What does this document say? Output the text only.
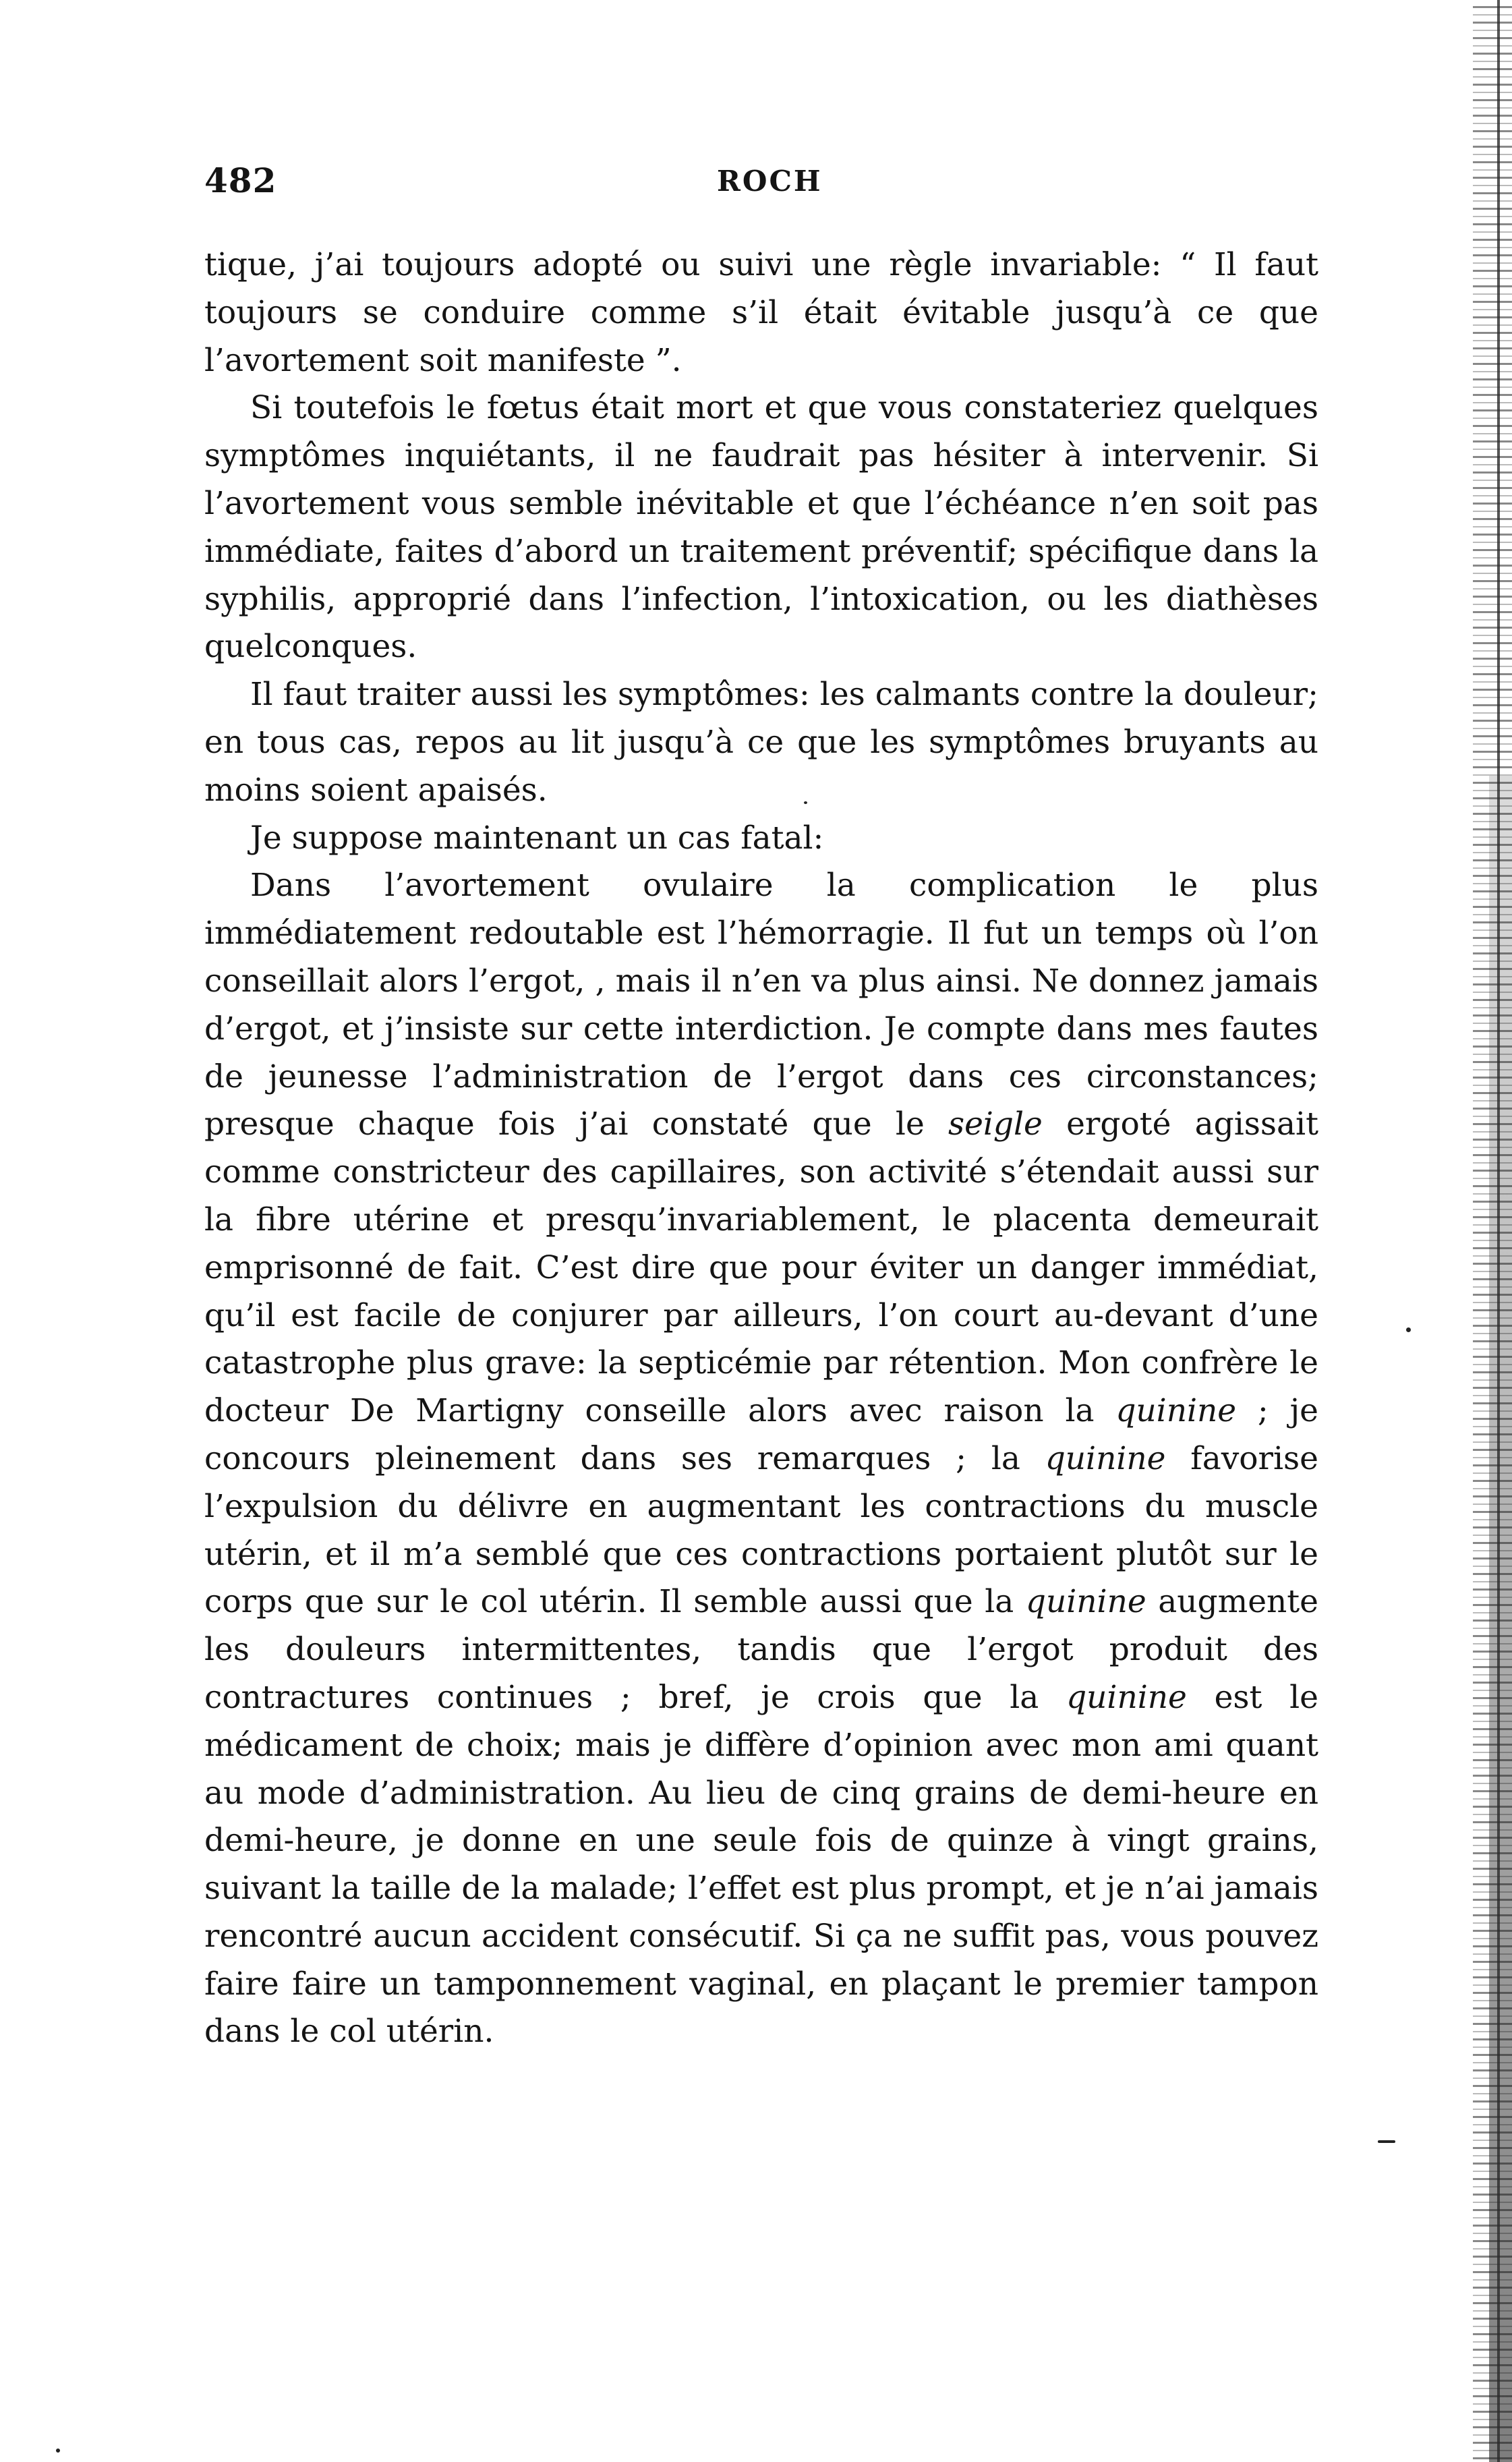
482	ROCH

tique, j’ai toujours adopté ou suivi une règle invariable: “ Il faut toujours se conduire comme s’il était évitable jusqu’à ce que l’avortement soit manifeste ”.

Si toutefois le fœtus était mort et que vous constateriez quelques symptômes inquiétants, il ne faudrait pas hésiter à intervenir. Si l’avortement vous semble inévitable et que l’échéance n’en soit pas immédiate, faites d’abord un traitement préventif; spécifique dans la syphilis, approprié dans l’infection, l’intoxication, ou les diathèses quelconques.

Il faut traiter aussi les symptômes: les calmants contre la douleur; en tous cas, repos au lit jusqu’à ce que les symptômes bruyants au moins soient apaisés.

Je suppose maintenant un cas fatal:

Dans l’avortement ovulaire la complication le plus immédiatement redoutable est l’hémorragie. Il fut un temps où l’on conseillait alors l’ergot, , mais il n’en va plus ainsi. Ne donnez jamais d’ergot, et j’insiste sur cette interdiction. Je compte dans mes fautes de jeunesse l’administration de l’ergot dans ces circonstances; presque chaque fois j’ai constaté que le seigle ergoté agissait comme constricteur des capillaires, son activité s’étendait aussi sur la fibre utérine et presqu’invariablement, le placenta demeurait emprisonné de fait. C’est dire que pour éviter un danger immédiat, qu’il est facile de conjurer par ailleurs, l’on court au-devant d’une catastrophe plus grave: la septicémie par rétention. Mon confrère le docteur De Martigny conseille alors avec raison la quinine ; je concours pleinement dans ses remarques ; la quinine favorise l’expulsion du délivre en augmentant les contractions du muscle utérin, et il m’a semblé que ces contractions portaient plutôt sur le corps que sur le col utérin. Il semble aussi que la quinine augmente les douleurs intermittentes, tandis que l’ergot produit des contractures continues ; bref, je crois que la quinine est le médicament de choix; mais je diffère d’opinion avec mon ami quant au mode d’administration. Au lieu de cinq grains de demi-heure en demi-heure, je donne en une seule fois de quinze à vingt grains, suivant la taille de la malade; l’effet est plus prompt, et je n’ai jamais rencontré aucun accident consécutif. Si ça ne suffit pas, vous pouvez faire faire un tamponnement vaginal, en plaçant le premier tampon dans le col utérin.
